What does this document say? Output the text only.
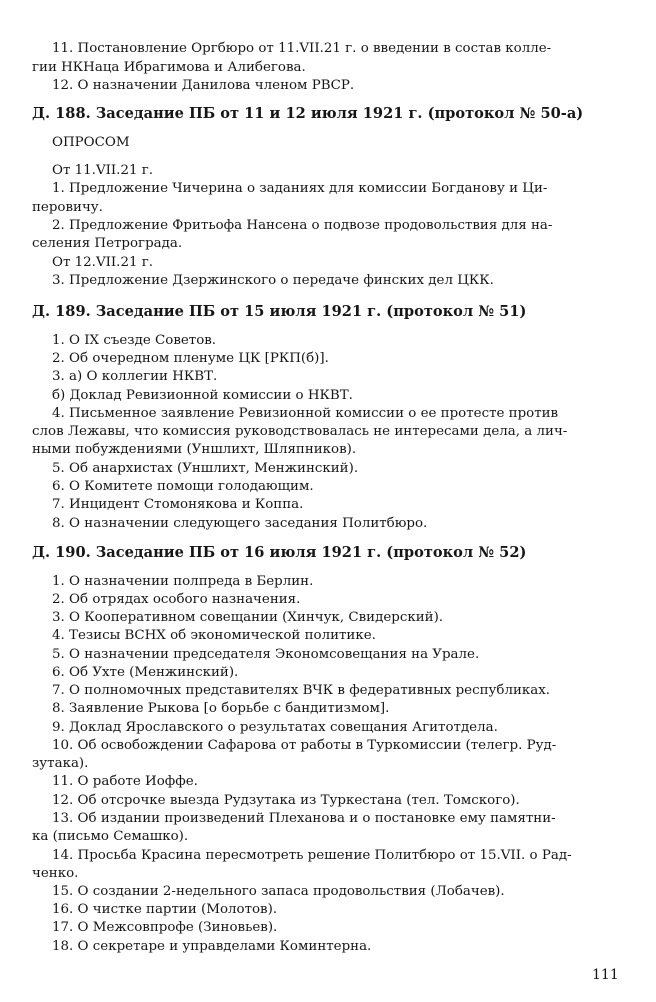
11. Постановление Оргбюро от 11.VII.21 г. о введении в состав колле-
гии НКНаца Ибрагимова и Алибегова.
12. О назначении Данилова членом РВСР.
Д. 188. Заседание ПБ от 11 и 12 июля 1921 г. (протокол № 50-а)
ОПРОСОМ
От 11.VII.21 г.
1. Предложение Чичерина о заданиях для комиссии Богданову и Ци-
перовичу.
2. Предложение Фритьофа Нансена о подвозе продовольствия для на-
селения Петрограда.
От 12.VII.21 г.
3. Предложение Дзержинского о передаче финских дел ЦКК.
Д. 189. Заседание ПБ от 15 июля 1921 г. (протокол № 51)
1. О IX съезде Советов.
2. Об очередном пленуме ЦК [РКП(б)].
3. а) О коллегии НКВТ.
б) Доклад Ревизионной комиссии о НКВТ.
4. Письменное заявление Ревизионной комиссии о ее протесте против
слов Лежавы, что комиссия руководствовалась не интересами дела, а лич-
ными побуждениями (Уншлихт, Шляпников).
5. Об анархистах (Уншлихт, Менжинский).
6. О Комитете помощи голодающим.
7. Инцидент Стомонякова и Коппа.
8. О назначении следующего заседания Политбюро.
Д. 190. Заседание ПБ от 16 июля 1921 г. (протокол № 52)
1. О назначении полпреда в Берлин.
2. Об отрядах особого назначения.
3. О Кооперативном совещании (Хинчук, Свидерский).
4. Тезисы ВСНХ об экономической политике.
5. О назначении председателя Экономсовещания на Урале.
6. Об Ухте (Менжинский).
7. О полномочных представителях ВЧК в федеративных республиках.
8. Заявление Рыкова [о борьбе с бандитизмом].
9. Доклад Ярославского о результатах совещания Агитотдела.
10. Об освобождении Сафарова от работы в Туркомиссии (телегр. Руд-
зутака).
11. О работе Иоффе.
12. Об отсрочке выезда Рудзутака из Туркестана (тел. Томского).
13. Об издании произведений Плеханова и о постановке ему памятни-
ка (письмо Семашко).
14. Просьба Красина пересмотреть решение Политбюро от 15.VII. о Рад-
ченко.
15. О создании 2-недельного запаса продовольствия (Лобачев).
16. О чистке партии (Молотов).
17. О Межсовпрофе (Зиновьев).
18. О секретаре и управделами Коминтерна.
111
